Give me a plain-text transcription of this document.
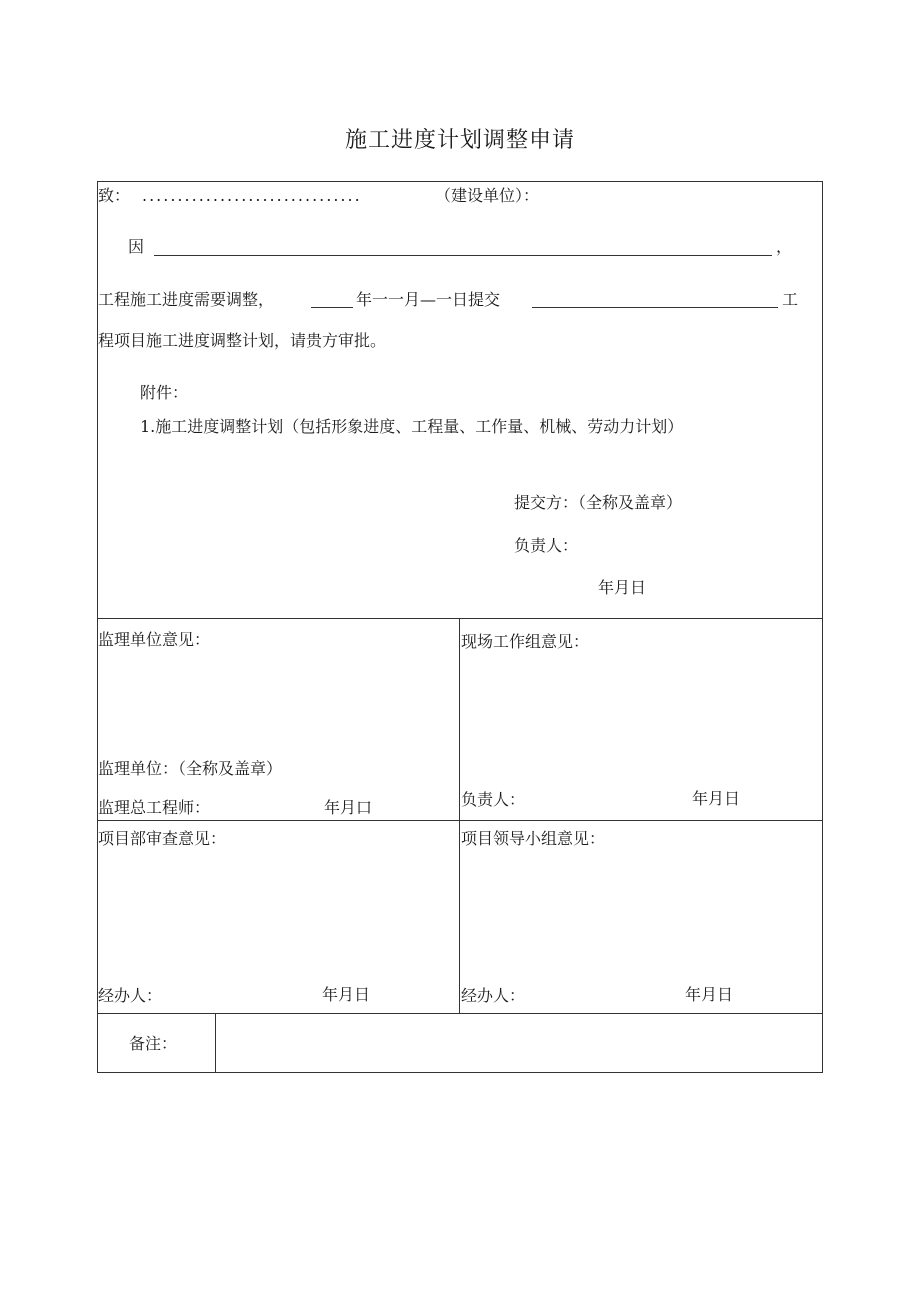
施工进度计划调整申请
致： ...............................	（建设单位）：
因	，
工程施工进度需要调整，	年一一月—一日提交	工
程项目施工进度调整计划，请贵方审批。
附件：
1.施工进度调整计划（包括形象进度、工程量、工作量、机械、劳动力计划）
提交方：（全称及盖章）
负责人：
年月日
监理单位意见：
监理单位：（全称及盖章）
监理总工程师：	年月口
现场工作组意见：
负责人：	年月日
项目部审查意见：
经办人：	年月日
项目领导小组意见：
经办人：	年月日
备注：
